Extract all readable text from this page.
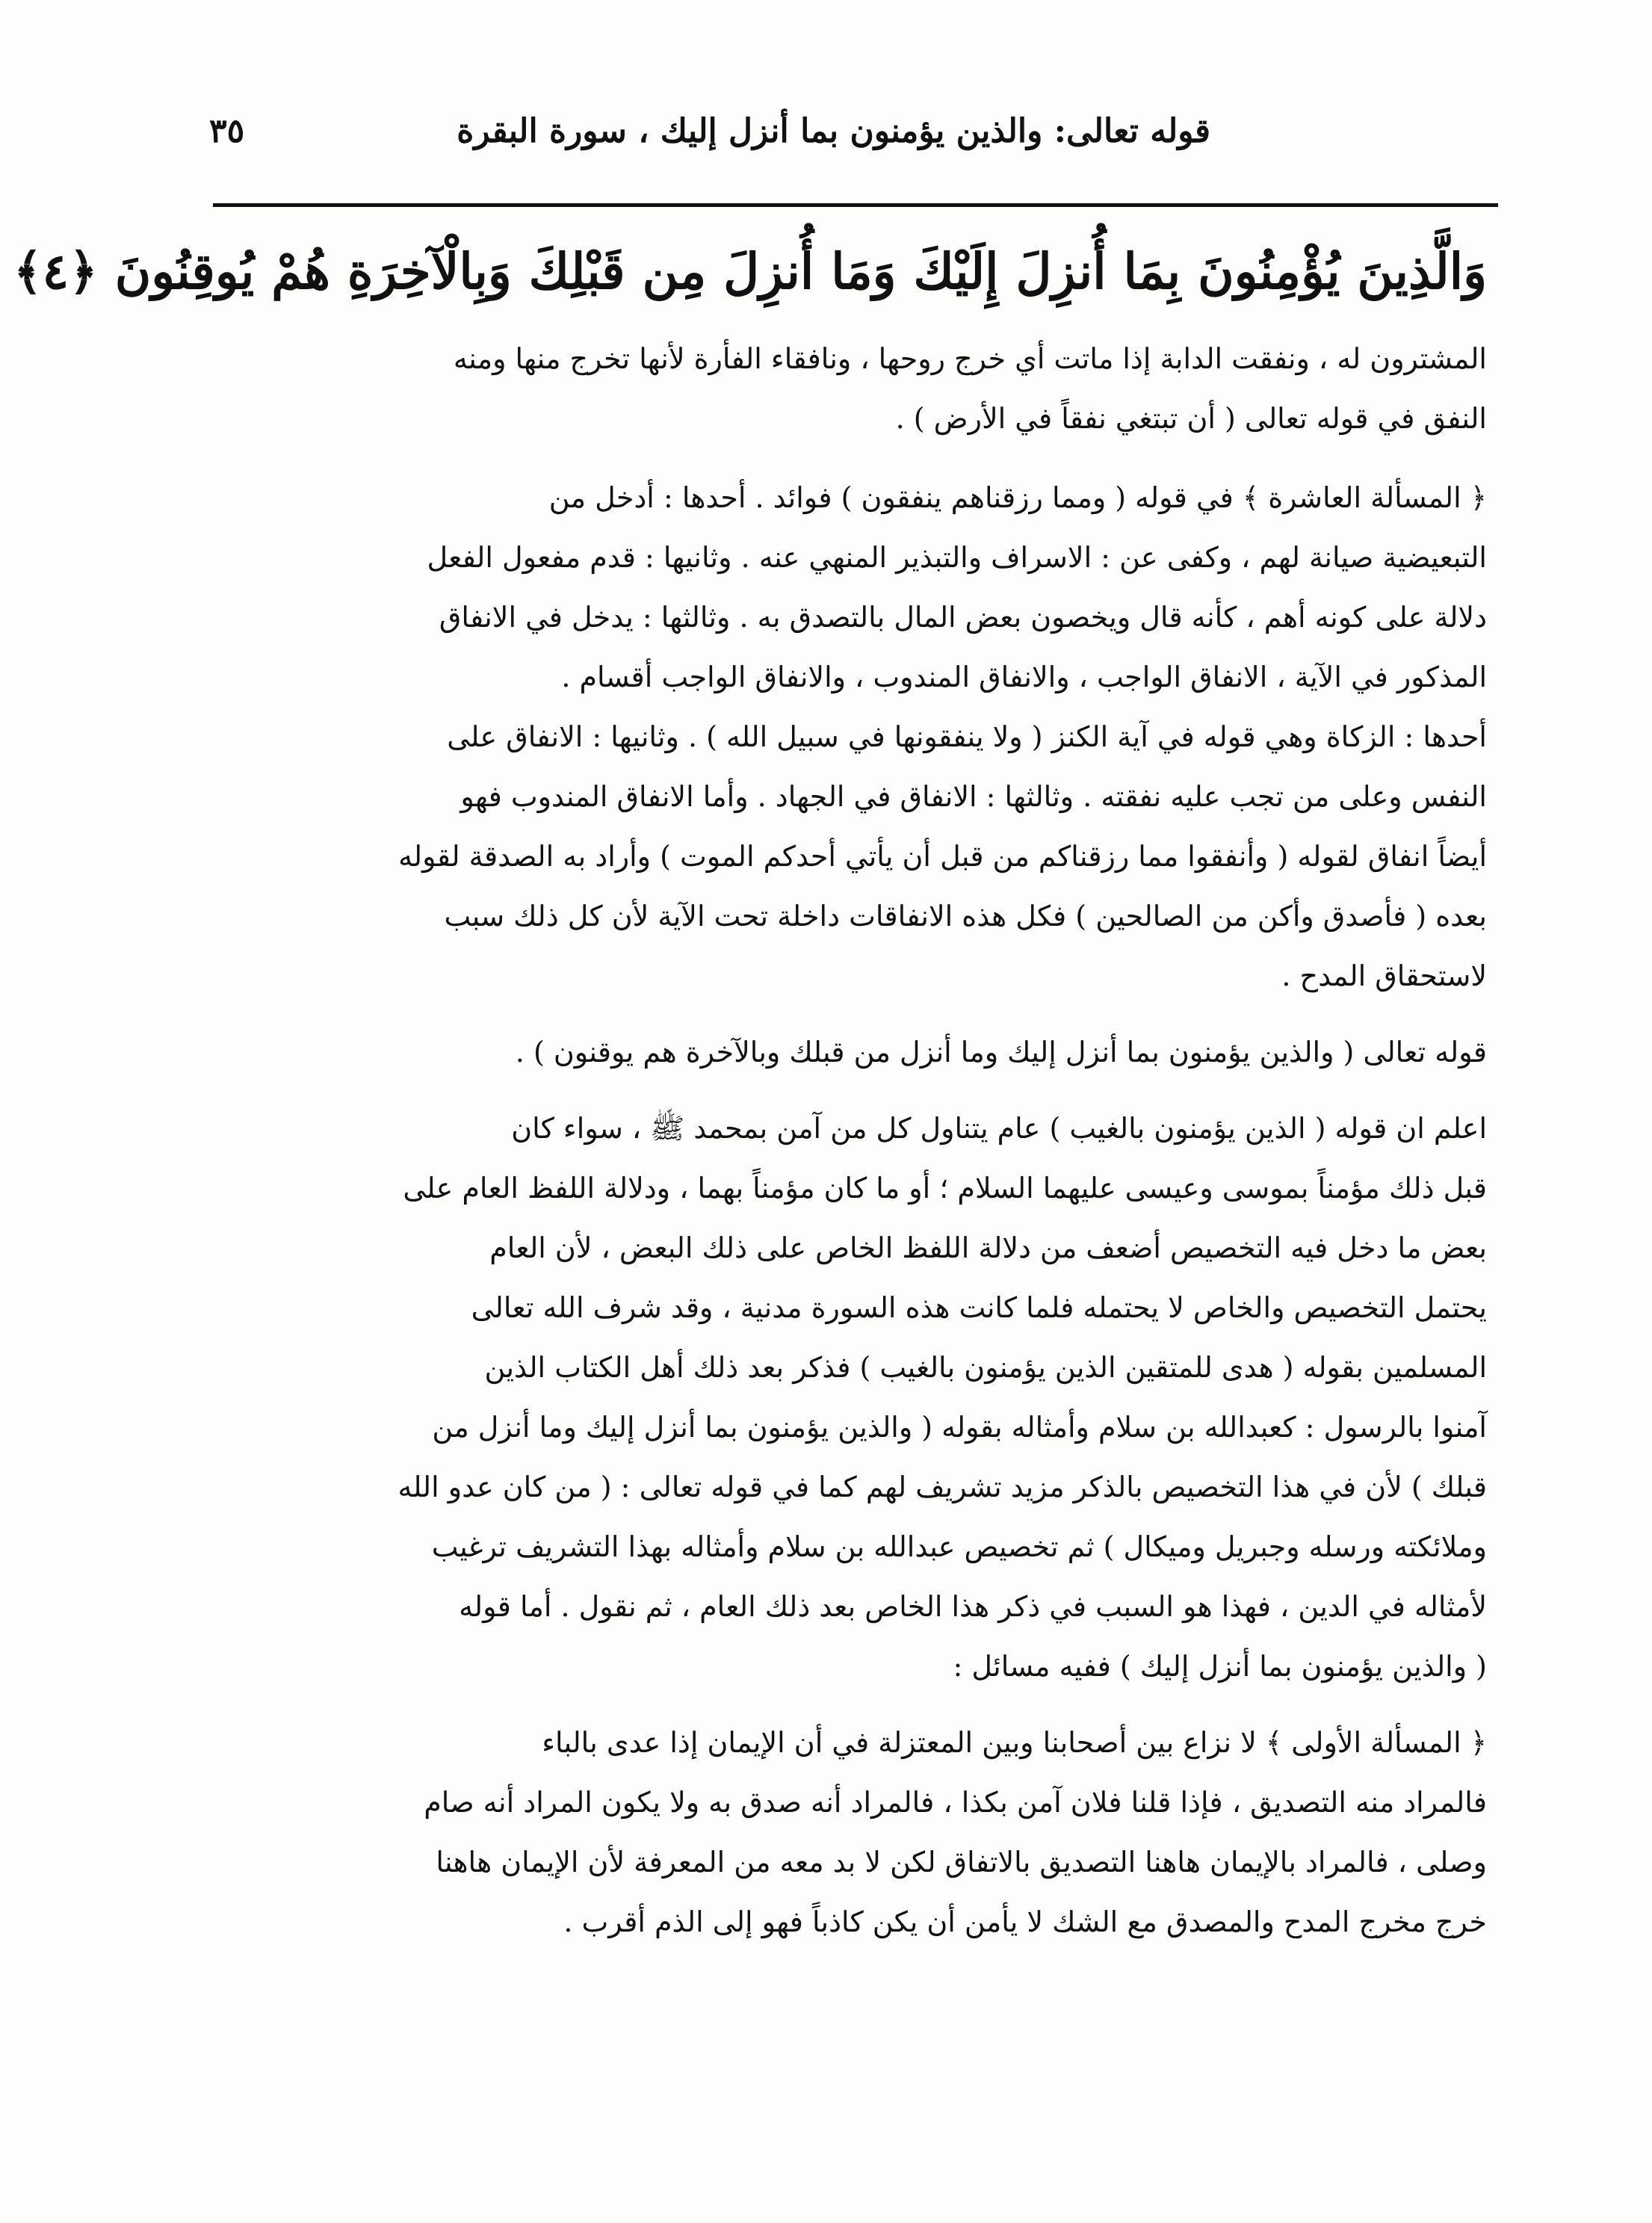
قوله تعالى: والذين يؤمنون بما أنزل إليك ، سورة البقرة
٣٥
وَالَّذِينَ يُؤْمِنُونَ بِمَا أُنزِلَ إِلَيْكَ وَمَا أُنزِلَ مِن قَبْلِكَ وَبِالْآخِرَةِ هُمْ يُوقِنُونَ ﴿٤﴾
المشترون له ، ونفقت الدابة إذا ماتت أي خرج روحها ، ونافقاء الفأرة لأنها تخرج منها ومنه
النفق في قوله تعالى ( أن تبتغي نفقاً في الأرض ) .
﴿ المسألة العاشرة ﴾ في قوله ( ومما رزقناهم ينفقون ) فوائد . أحدها : أدخل من
التبعيضية صيانة لهم ، وكفى عن : الاسراف والتبذير المنهي عنه . وثانيها : قدم مفعول الفعل
دلالة على كونه أهم ، كأنه قال ويخصون بعض المال بالتصدق به . وثالثها : يدخل في الانفاق
المذكور في الآية ، الانفاق الواجب ، والانفاق المندوب ، والانفاق الواجب أقسام .
أحدها : الزكاة وهي قوله في آية الكنز ( ولا ينفقونها في سبيل الله ) . وثانيها : الانفاق على
النفس وعلى من تجب عليه نفقته . وثالثها : الانفاق في الجهاد . وأما الانفاق المندوب فهو
أيضاً انفاق لقوله ( وأنفقوا مما رزقناكم من قبل أن يأتي أحدكم الموت ) وأراد به الصدقة لقوله
بعده ( فأصدق وأكن من الصالحين ) فكل هذه الانفاقات داخلة تحت الآية لأن كل ذلك سبب
لاستحقاق المدح .
قوله تعالى ( والذين يؤمنون بما أنزل إليك وما أنزل من قبلك وبالآخرة هم يوقنون ) .
اعلم ان قوله ( الذين يؤمنون بالغيب ) عام يتناول كل من آمن بمحمد ﷺ ، سواء كان
قبل ذلك مؤمناً بموسى وعيسى عليهما السلام ؛ أو ما كان مؤمناً بهما ، ودلالة اللفظ العام على
بعض ما دخل فيه التخصيص أضعف من دلالة اللفظ الخاص على ذلك البعض ، لأن العام
يحتمل التخصيص والخاص لا يحتمله فلما كانت هذه السورة مدنية ، وقد شرف الله تعالى
المسلمين بقوله ( هدى للمتقين الذين يؤمنون بالغيب ) فذكر بعد ذلك أهل الكتاب الذين
آمنوا بالرسول : كعبدالله بن سلام وأمثاله بقوله ( والذين يؤمنون بما أنزل إليك وما أنزل من
قبلك ) لأن في هذا التخصيص بالذكر مزيد تشريف لهم كما في قوله تعالى : ( من كان عدو الله
وملائكته ورسله وجبريل وميكال ) ثم تخصيص عبدالله بن سلام وأمثاله بهذا التشريف ترغيب
لأمثاله في الدين ، فهذا هو السبب في ذكر هذا الخاص بعد ذلك العام ، ثم نقول . أما قوله
( والذين يؤمنون بما أنزل إليك ) ففيه مسائل :
﴿ المسألة الأولى ﴾ لا نزاع بين أصحابنا وبين المعتزلة في أن الإيمان إذا عدى بالباء
فالمراد منه التصديق ، فإذا قلنا فلان آمن بكذا ، فالمراد أنه صدق به ولا يكون المراد أنه صام
وصلى ، فالمراد بالإيمان هاهنا التصديق بالاتفاق لكن لا بد معه من المعرفة لأن الإيمان هاهنا
خرج مخرج المدح والمصدق مع الشك لا يأمن أن يكن كاذباً فهو إلى الذم أقرب .
